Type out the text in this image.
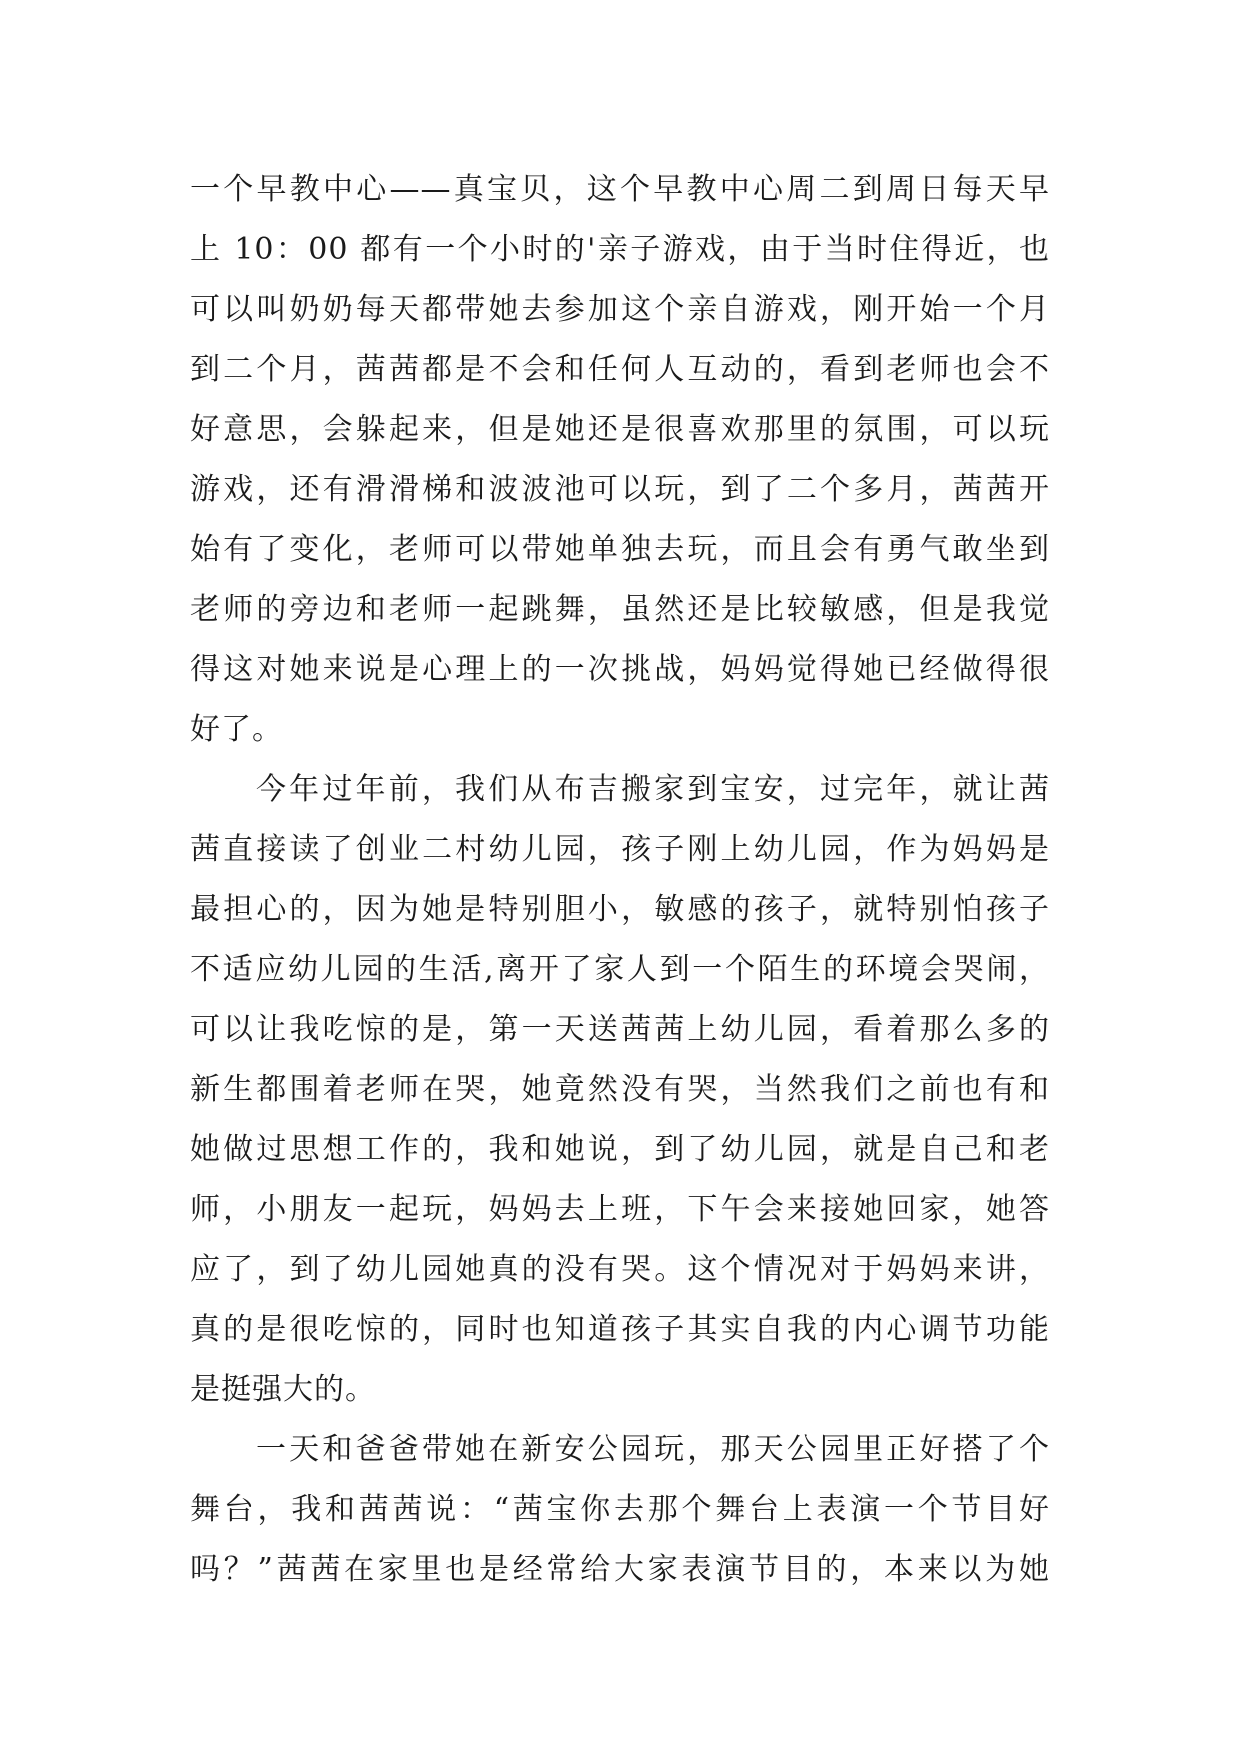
一个早教中心——真宝贝，这个早教中心周二到周日每天早
上 10：00 都有一个小时的'亲子游戏，由于当时住得近，也
可以叫奶奶每天都带她去参加这个亲自游戏，刚开始一个月
到二个月，茜茜都是不会和任何人互动的，看到老师也会不
好意思，会躲起来，但是她还是很喜欢那里的氛围，可以玩
游戏，还有滑滑梯和波波池可以玩，到了二个多月，茜茜开
始有了变化，老师可以带她单独去玩，而且会有勇气敢坐到
老师的旁边和老师一起跳舞，虽然还是比较敏感，但是我觉
得这对她来说是心理上的一次挑战，妈妈觉得她已经做得很
好了。
今年过年前，我们从布吉搬家到宝安，过完年，就让茜
茜直接读了创业二村幼儿园，孩子刚上幼儿园，作为妈妈是
最担心的，因为她是特别胆小，敏感的孩子，就特别怕孩子
不适应幼儿园的生活,离开了家人到一个陌生的环境会哭闹，
可以让我吃惊的是，第一天送茜茜上幼儿园，看着那么多的
新生都围着老师在哭，她竟然没有哭，当然我们之前也有和
她做过思想工作的，我和她说，到了幼儿园，就是自己和老
师，小朋友一起玩，妈妈去上班，下午会来接她回家，她答
应了，到了幼儿园她真的没有哭。这个情况对于妈妈来讲，
真的是很吃惊的，同时也知道孩子其实自我的内心调节功能
是挺强大的。
一天和爸爸带她在新安公园玩，那天公园里正好搭了个
舞台，我和茜茜说：“茜宝你去那个舞台上表演一个节目好
吗？”茜茜在家里也是经常给大家表演节目的，本来以为她
